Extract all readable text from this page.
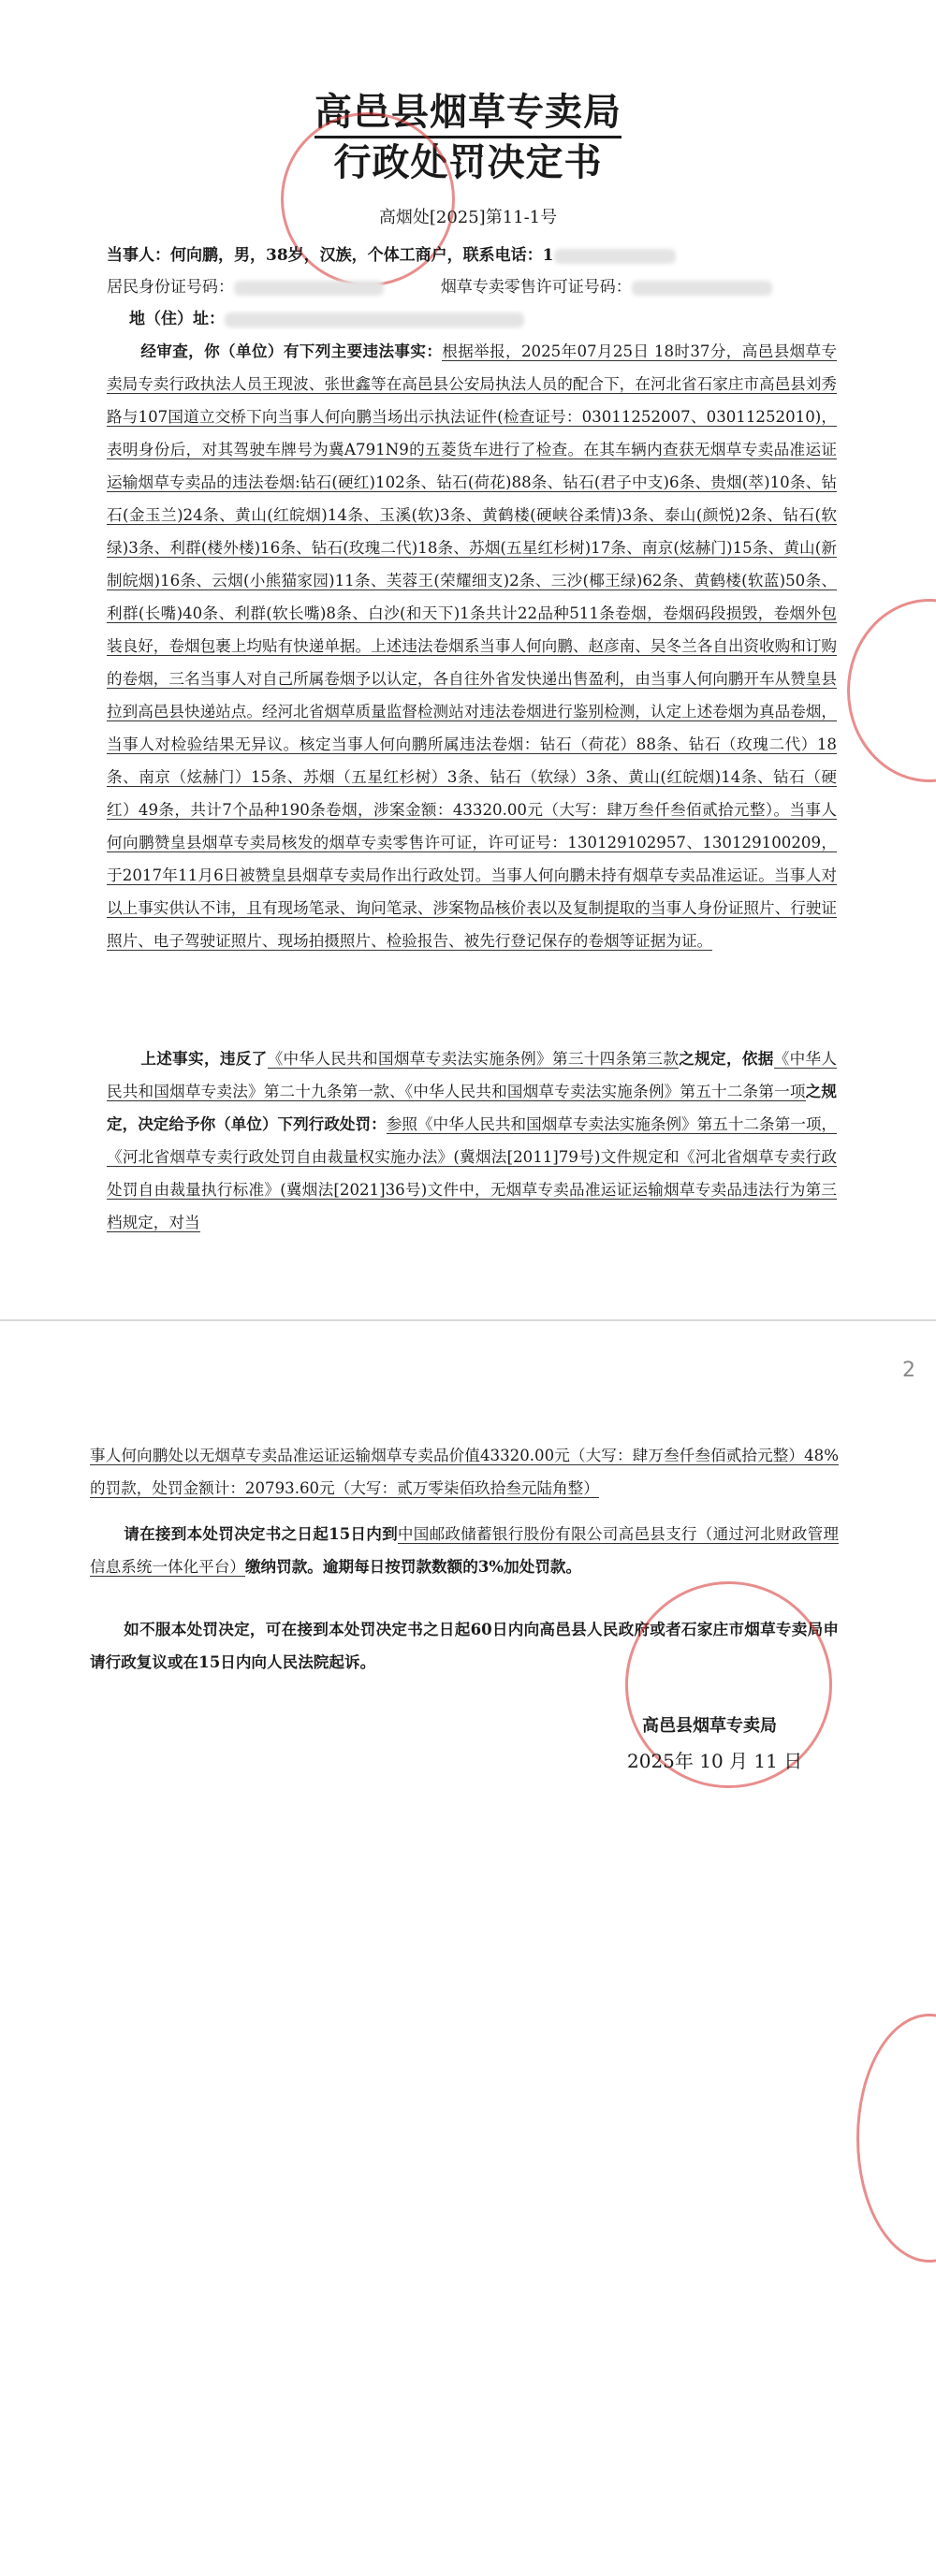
高邑县烟草专卖局
行政处罚决定书
高烟处[2025]第11-1号
当事人：何向鹏，男，38岁，汉族，个体工商户，联系电话：1
居民身份证号码：	烟草专卖零售许可证号码：
地（住）址：

经审查，你（单位）有下列主要违法事实：根据举报，2025年07月25日 18时37分，高邑县烟草专卖局专卖行政执法人员王现波、张世鑫等在高邑县公安局执法人员的配合下，在河北省石家庄市高邑县刘秀路与107国道立交桥下向当事人何向鹏当场出示执法证件(检查证号：03011252007、03011252010)，表明身份后，对其驾驶车牌号为冀A791N9的五菱货车进行了检查。在其车辆内查获无烟草专卖品准运证运输烟草专卖品的违法卷烟:钻石(硬红)102条、钻石(荷花)88条、钻石(君子中支)6条、贵烟(萃)10条、钻石(金玉兰)24条、黄山(红皖烟)14条、玉溪(软)3条、黄鹤楼(硬峡谷柔情)3条、泰山(颜悦)2条、钻石(软绿)3条、利群(楼外楼)16条、钻石(玫瑰二代)18条、苏烟(五星红杉树)17条、南京(炫赫门)15条、黄山(新制皖烟)16条、云烟(小熊猫家园)11条、芙蓉王(荣耀细支)2条、三沙(椰王绿)62条、黄鹤楼(软蓝)50条、利群(长嘴)40条、利群(软长嘴)8条、白沙(和天下)1条共计22品种511条卷烟，卷烟码段损毁，卷烟外包装良好，卷烟包裹上均贴有快递单据。上述违法卷烟系当事人何向鹏、赵彦南、吴冬兰各自出资收购和订购的卷烟，三名当事人对自己所属卷烟予以认定，各自往外省发快递出售盈利，由当事人何向鹏开车从赞皇县拉到高邑县快递站点。经河北省烟草质量监督检测站对违法卷烟进行鉴别检测，认定上述卷烟为真品卷烟，当事人对检验结果无异议。核定当事人何向鹏所属违法卷烟：钻石（荷花）88条、钻石（玫瑰二代）18条、南京（炫赫门）15条、苏烟（五星红杉树）3条、钻石（软绿）3条、黄山(红皖烟)14条、钻石（硬红）49条，共计7个品种190条卷烟，涉案金额：43320.00元（大写：肆万叁仟叁佰贰拾元整）。当事人何向鹏赞皇县烟草专卖局核发的烟草专卖零售许可证，许可证号：130129102957、130129100209，于2017年11月6日被赞皇县烟草专卖局作出行政处罚。当事人何向鹏未持有烟草专卖品准运证。当事人对以上事实供认不讳，且有现场笔录、询问笔录、涉案物品核价表以及复制提取的当事人身份证照片、行驶证照片、电子驾驶证照片、现场拍摄照片、检验报告、被先行登记保存的卷烟等证据为证。

上述事实，违反了《中华人民共和国烟草专卖法实施条例》第三十四条第三款之规定，依据《中华人民共和国烟草专卖法》第二十九条第一款、《中华人民共和国烟草专卖法实施条例》第五十二条第一项之规定，决定给予你（单位）下列行政处罚：参照《中华人民共和国烟草专卖法实施条例》第五十二条第一项，《河北省烟草专卖行政处罚自由裁量权实施办法》(冀烟法[2011]79号)文件规定和《河北省烟草专卖行政处罚自由裁量执行标准》(冀烟法[2021]36号)文件中，无烟草专卖品准运证运输烟草专卖品违法行为第三档规定，对当

2

事人何向鹏处以无烟草专卖品准运证运输烟草专卖品价值43320.00元（大写：肆万叁仟叁佰贰拾元整）48%的罚款，处罚金额计：20793.60元（大写：贰万零柒佰玖拾叁元陆角整）

请在接到本处罚决定书之日起15日内到中国邮政储蓄银行股份有限公司高邑县支行（通过河北财政管理信息系统一体化平台）缴纳罚款。逾期每日按罚款数额的3%加处罚款。

如不服本处罚决定，可在接到本处罚决定书之日起60日内向高邑县人民政府或者石家庄市烟草专卖局申请行政复议或在15日内向人民法院起诉。

高邑县烟草专卖局
2025年 10 月 11 日
